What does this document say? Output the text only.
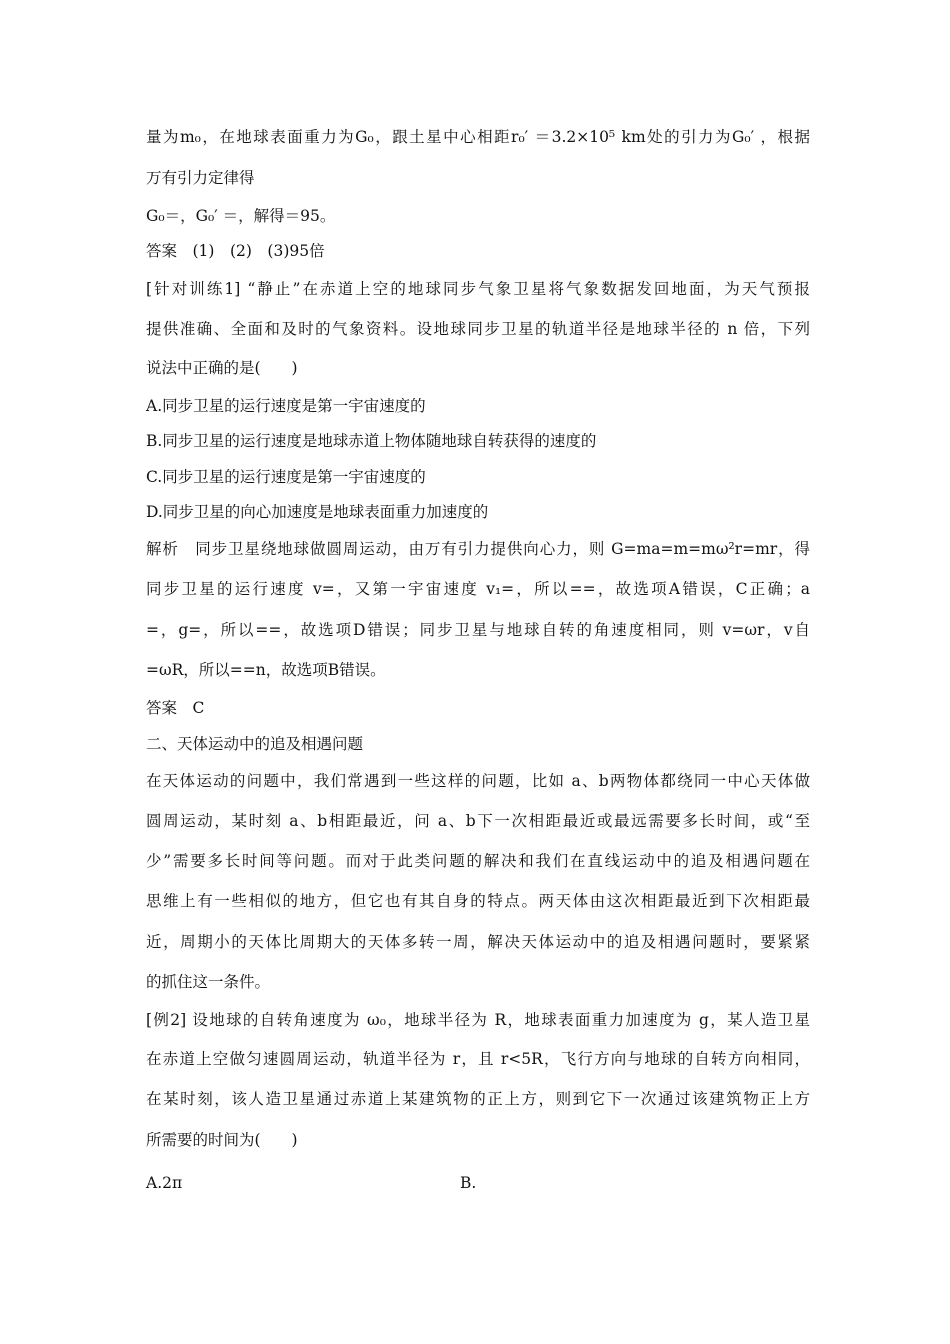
量为m₀，在地球表面重力为G₀，跟土星中心相距r₀′ ＝3.2×10⁵ km处的引力为G₀′ ，根据
万有引力定律得
G₀＝，G₀′ ＝，解得＝95。
答案　(1)　(2)　(3)95倍
[针对训练1] “静止”在赤道上空的地球同步气象卫星将气象数据发回地面，为天气预报
提供准确、全面和及时的气象资料。设地球同步卫星的轨道半径是地球半径的 n 倍，下列
说法中正确的是(　　)
A.同步卫星的运行速度是第一宇宙速度的
B.同步卫星的运行速度是地球赤道上物体随地球自转获得的速度的
C.同步卫星的运行速度是第一宇宙速度的
D.同步卫星的向心加速度是地球表面重力加速度的
解析　同步卫星绕地球做圆周运动，由万有引力提供向心力，则 G=ma=m=mω²r=mr，得
同步卫星的运行速度 v=，又第一宇宙速度 v₁=，所以==，故选项A错误，C正确；a
=，g=，所以==，故选项D错误；同步卫星与地球自转的角速度相同，则 v=ωr，v自
=ωR，所以==n，故选项B错误。
答案　C
二、天体运动中的追及相遇问题
在天体运动的问题中，我们常遇到一些这样的问题，比如 a、b两物体都绕同一中心天体做
圆周运动，某时刻 a、b相距最近，问 a、b下一次相距最近或最远需要多长时间，或“至
少”需要多长时间等问题。而对于此类问题的解决和我们在直线运动中的追及相遇问题在
思维上有一些相似的地方，但它也有其自身的特点。两天体由这次相距最近到下次相距最
近，周期小的天体比周期大的天体多转一周，解决天体运动中的追及相遇问题时，要紧紧
的抓住这一条件。
[例2] 设地球的自转角速度为 ω₀，地球半径为 R，地球表面重力加速度为 g，某人造卫星
在赤道上空做匀速圆周运动，轨道半径为 r，且 r<5R，飞行方向与地球的自转方向相同，
在某时刻，该人造卫星通过赤道上某建筑物的正上方，则到它下一次通过该建筑物正上方
所需要的时间为(　　)
A.2π	B.
